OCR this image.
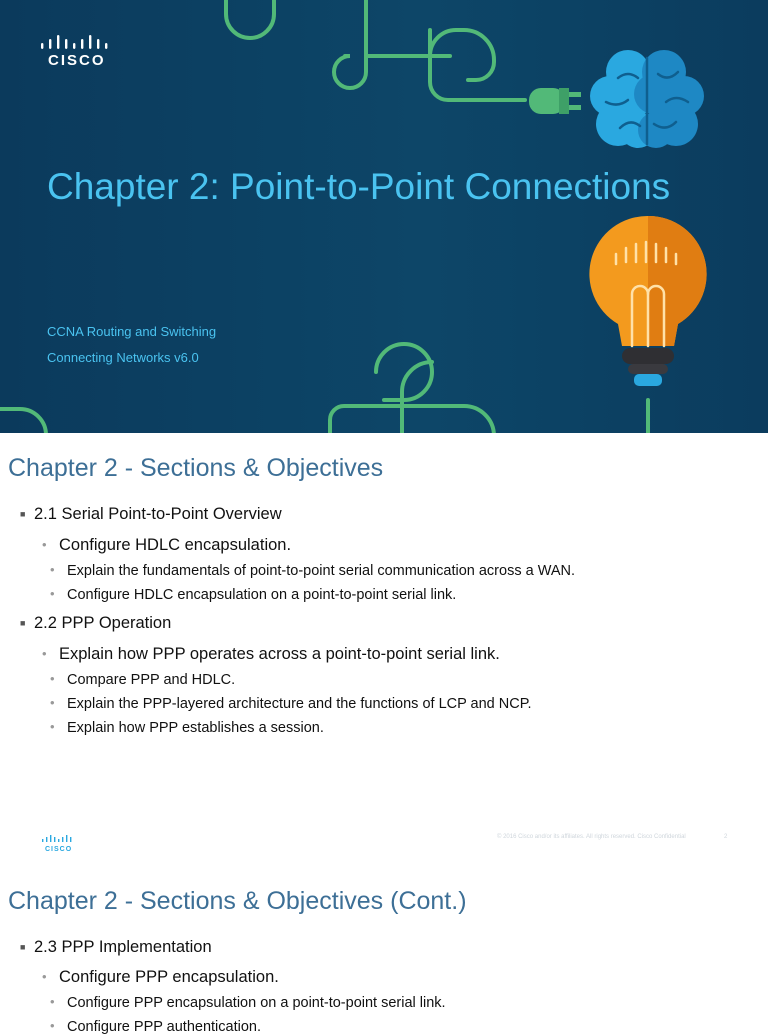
CISCO
Chapter 2: Point-to-Point Connections
CCNA Routing and Switching
Connecting Networks v6.0
Chapter 2 - Sections & Objectives
■ 2.1 Serial Point-to-Point Overview
• Configure HDLC encapsulation.
• Explain the fundamentals of point-to-point serial communication across a WAN.
• Configure HDLC encapsulation on a point-to-point serial link.
■ 2.2 PPP Operation
• Explain how PPP operates across a point-to-point serial link.
• Compare PPP and HDLC.
• Explain the PPP-layered architecture and the functions of LCP and NCP.
• Explain how PPP establishes a session.
CISCO
© 2016 Cisco and/or its affiliates. All rights reserved. Cisco Confidential	2
Chapter 2 - Sections & Objectives (Cont.)
■ 2.3 PPP Implementation
• Configure PPP encapsulation.
• Configure PPP encapsulation on a point-to-point serial link.
• Configure PPP authentication.
